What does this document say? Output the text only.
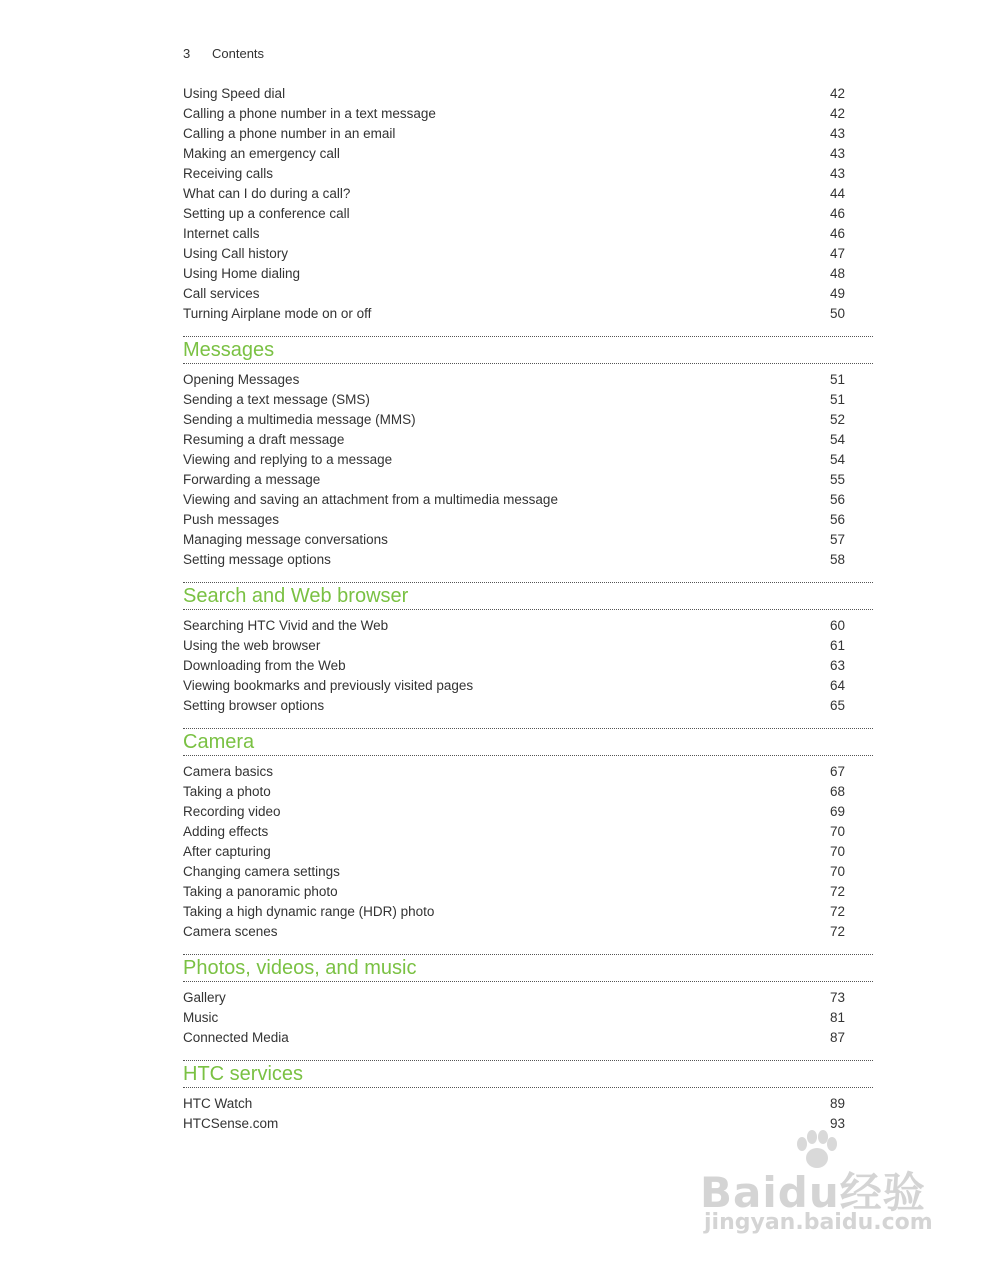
3 Contents
Using Speed dial	42
Calling a phone number in a text message	42
Calling a phone number in an email	43
Making an emergency call	43
Receiving calls	43
What can I do during a call?	44
Setting up a conference call	46
Internet calls	46
Using Call history	47
Using Home dialing	48
Call services	49
Turning Airplane mode on or off	50
Messages
Opening Messages	51
Sending a text message (SMS)	51
Sending a multimedia message (MMS)	52
Resuming a draft message	54
Viewing and replying to a message	54
Forwarding a message	55
Viewing and saving an attachment from a multimedia message	56
Push messages	56
Managing message conversations	57
Setting message options	58
Search and Web browser
Searching HTC Vivid and the Web	60
Using the web browser	61
Downloading from the Web	63
Viewing bookmarks and previously visited pages	64
Setting browser options	65
Camera
Camera basics	67
Taking a photo	68
Recording video	69
Adding effects	70
After capturing	70
Changing camera settings	70
Taking a panoramic photo	72
Taking a high dynamic range (HDR) photo	72
Camera scenes	72
Photos, videos, and music
Gallery	73
Music	81
Connected Media	87
HTC services
HTC Watch	89
HTCSense.com	93
Baidu经验
jingyan.baidu.com
